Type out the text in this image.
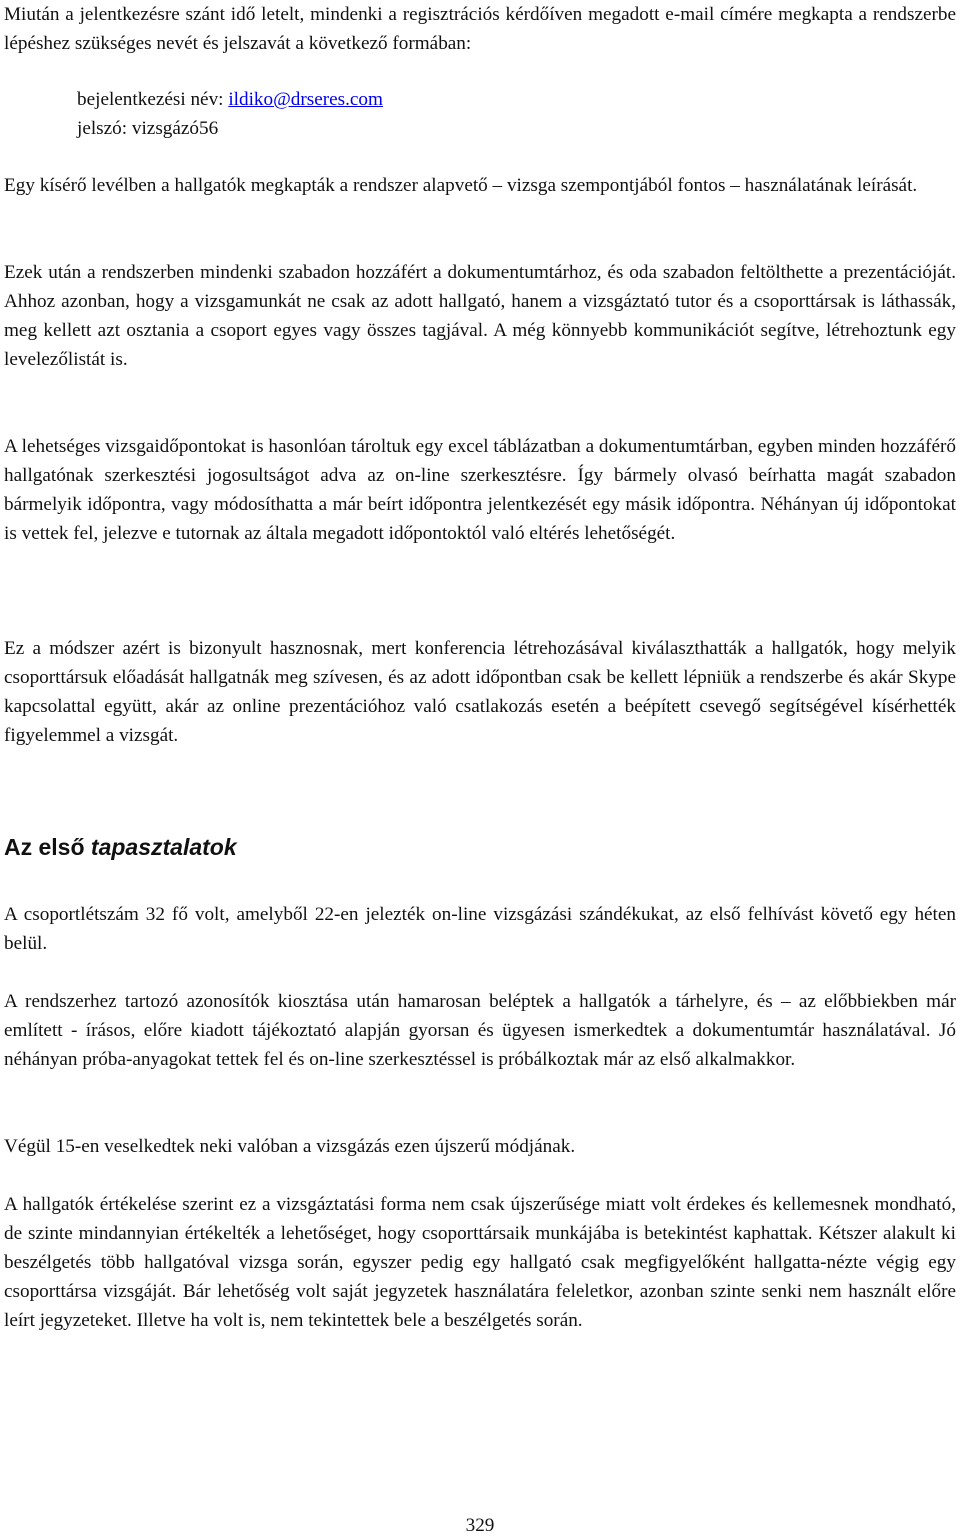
Miután a jelentkezésre szánt idő letelt, mindenki a regisztrációs kérdőíven megadott e-mail címére megkapta a rendszerbe lépéshez szükséges nevét és jelszavát a következő formában:

bejelentkezési név: ildiko@drseres.com
jelszó: vizsgázó56

Egy kísérő levélben a hallgatók megkapták a rendszer alapvető – vizsga szempontjából fontos – használatának leírását.

Ezek után a rendszerben mindenki szabadon hozzáfért a dokumentumtárhoz, és oda szabadon feltölthette a prezentációját. Ahhoz azonban, hogy a vizsgamunkát ne csak az adott hallgató, hanem a vizsgáztató tutor és a csoporttársak is láthassák, meg kellett azt osztania a csoport egyes vagy összes tagjával. A még könnyebb kommunikációt segítve, létrehoztunk egy levelezőlistát is.

A lehetséges vizsgaidőpontokat is hasonlóan tároltuk egy excel táblázatban a dokumentumtárban, egyben minden hozzáférő hallgatónak szerkesztési jogosultságot adva az on-line szerkesztésre. Így bármely olvasó beírhatta magát szabadon bármelyik időpontra, vagy módosíthatta a már beírt időpontra jelentkezését egy másik időpontra. Néhányan új időpontokat is vettek fel, jelezve e tutornak az általa megadott időpontoktól való eltérés lehetőségét.

Ez a módszer azért is bizonyult hasznosnak, mert konferencia létrehozásával kiválaszthatták a hallgatók, hogy melyik csoporttársuk előadását hallgatnák meg szívesen, és az adott időpontban csak be kellett lépniük a rendszerbe és akár Skype kapcsolattal együtt, akár az online prezentációhoz való csatlakozás esetén a beépített csevegő segítségével kísérhették figyelemmel a vizsgát.

Az első tapasztalatok

A csoportlétszám 32 fő volt, amelyből 22-en jelezték on-line vizsgázási szándékukat, az első felhívást követő egy héten belül.

A rendszerhez tartozó azonosítók kiosztása után hamarosan beléptek a hallgatók a tárhelyre, és – az előbbiekben már említett - írásos, előre kiadott tájékoztató alapján gyorsan és ügyesen ismerkedtek a dokumentumtár használatával. Jó néhányan próba-anyagokat tettek fel és on-line szerkesztéssel is próbálkoztak már az első alkalmakkor.

Végül 15-en veselkedtek neki valóban a vizsgázás ezen újszerű módjának.

A hallgatók értékelése szerint ez a vizsgáztatási forma nem csak újszerűsége miatt volt érdekes és kellemesnek mondható, de szinte mindannyian értékelték a lehetőséget, hogy csoporttársaik munkájába is betekintést kaphattak. Kétszer alakult ki beszélgetés több hallgatóval vizsga során, egyszer pedig egy hallgató csak megfigyelőként hallgatta-nézte végig egy csoporttársa vizsgáját. Bár lehetőség volt saját jegyzetek használatára feleletkor, azonban szinte senki nem használt előre leírt jegyzeteket. Illetve ha volt is, nem tekintettek bele a beszélgetés során.

329
